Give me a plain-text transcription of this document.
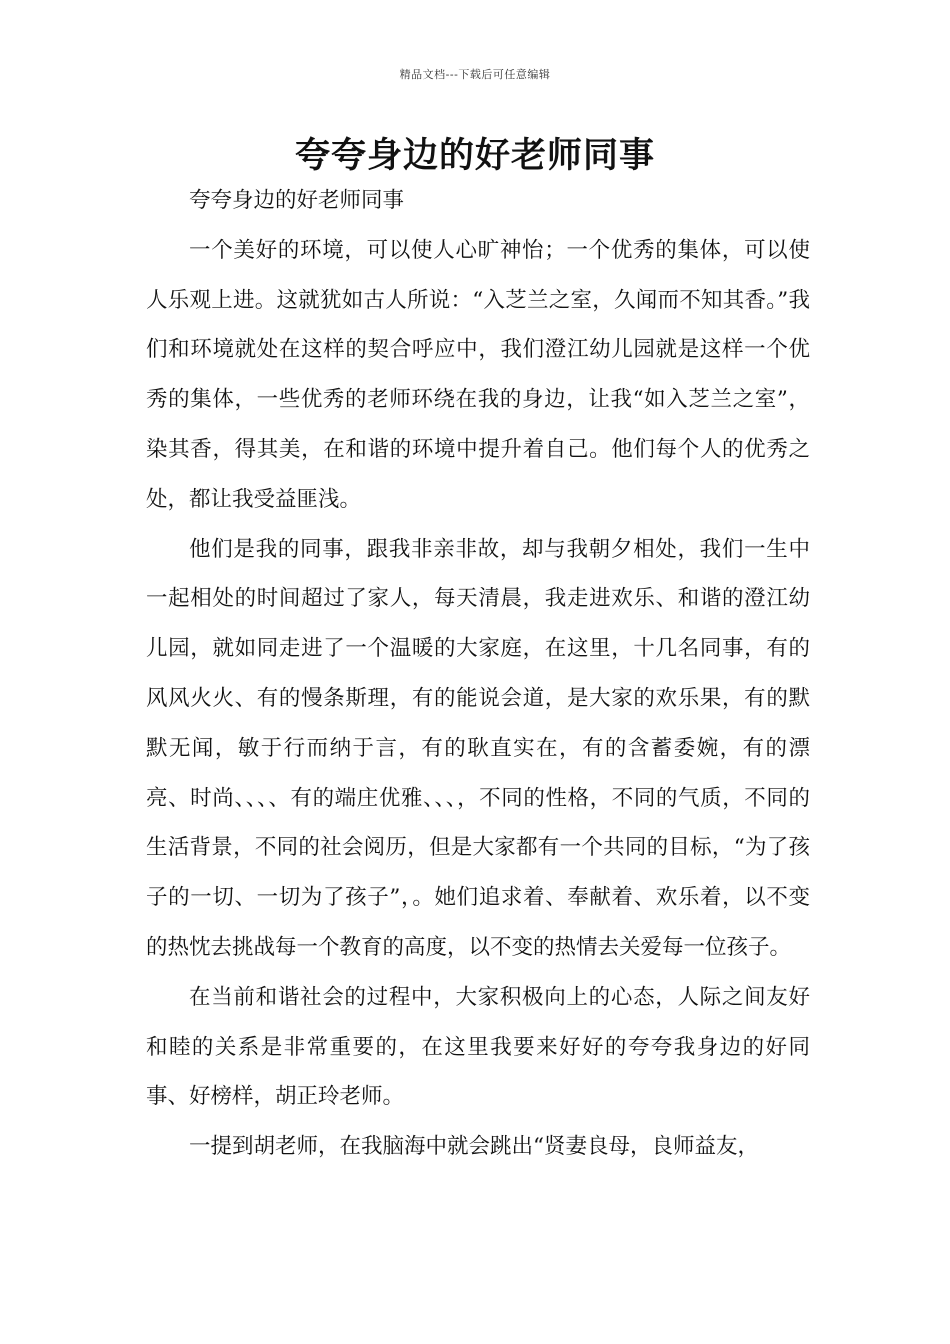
精品文档---下载后可任意编辑
夸夸身边的好老师同事

夸夸身边的好老师同事

一个美好的环境，可以使人心旷神怡；一个优秀的集体，可以使人乐观上进。这就犹如古人所说：“入芝兰之室，久闻而不知其香。”我们和环境就处在这样的契合呼应中，我们澄江幼儿园就是这样一个优秀的集体，一些优秀的老师环绕在我的身边，让我“如入芝兰之室”，染其香，得其美，在和谐的环境中提升着自己。他们每个人的优秀之处，都让我受益匪浅。

他们是我的同事，跟我非亲非故，却与我朝夕相处，我们一生中一起相处的时间超过了家人，每天清晨，我走进欢乐、和谐的澄江幼儿园，就如同走进了一个温暖的大家庭，在这里，十几名同事，有的风风火火、有的慢条斯理，有的能说会道，是大家的欢乐果，有的默默无闻，敏于行而纳于言，有的耿直实在，有的含蓄委婉，有的漂亮、时尚、、、、有的端庄优雅、、、，不同的性格，不同的气质，不同的生活背景，不同的社会阅历，但是大家都有一个共同的目标，“为了孩子的一切、一切为了孩子”，。她们追求着、奉献着、欢乐着，以不变的热忱去挑战每一个教育的高度，以不变的热情去关爱每一位孩子。

在当前和谐社会的过程中，大家积极向上的心态，人际之间友好和睦的关系是非常重要的，在这里我要来好好的夸夸我身边的好同事、好榜样，胡正玲老师。

一提到胡老师，在我脑海中就会跳出“贤妻良母，良师益友，
